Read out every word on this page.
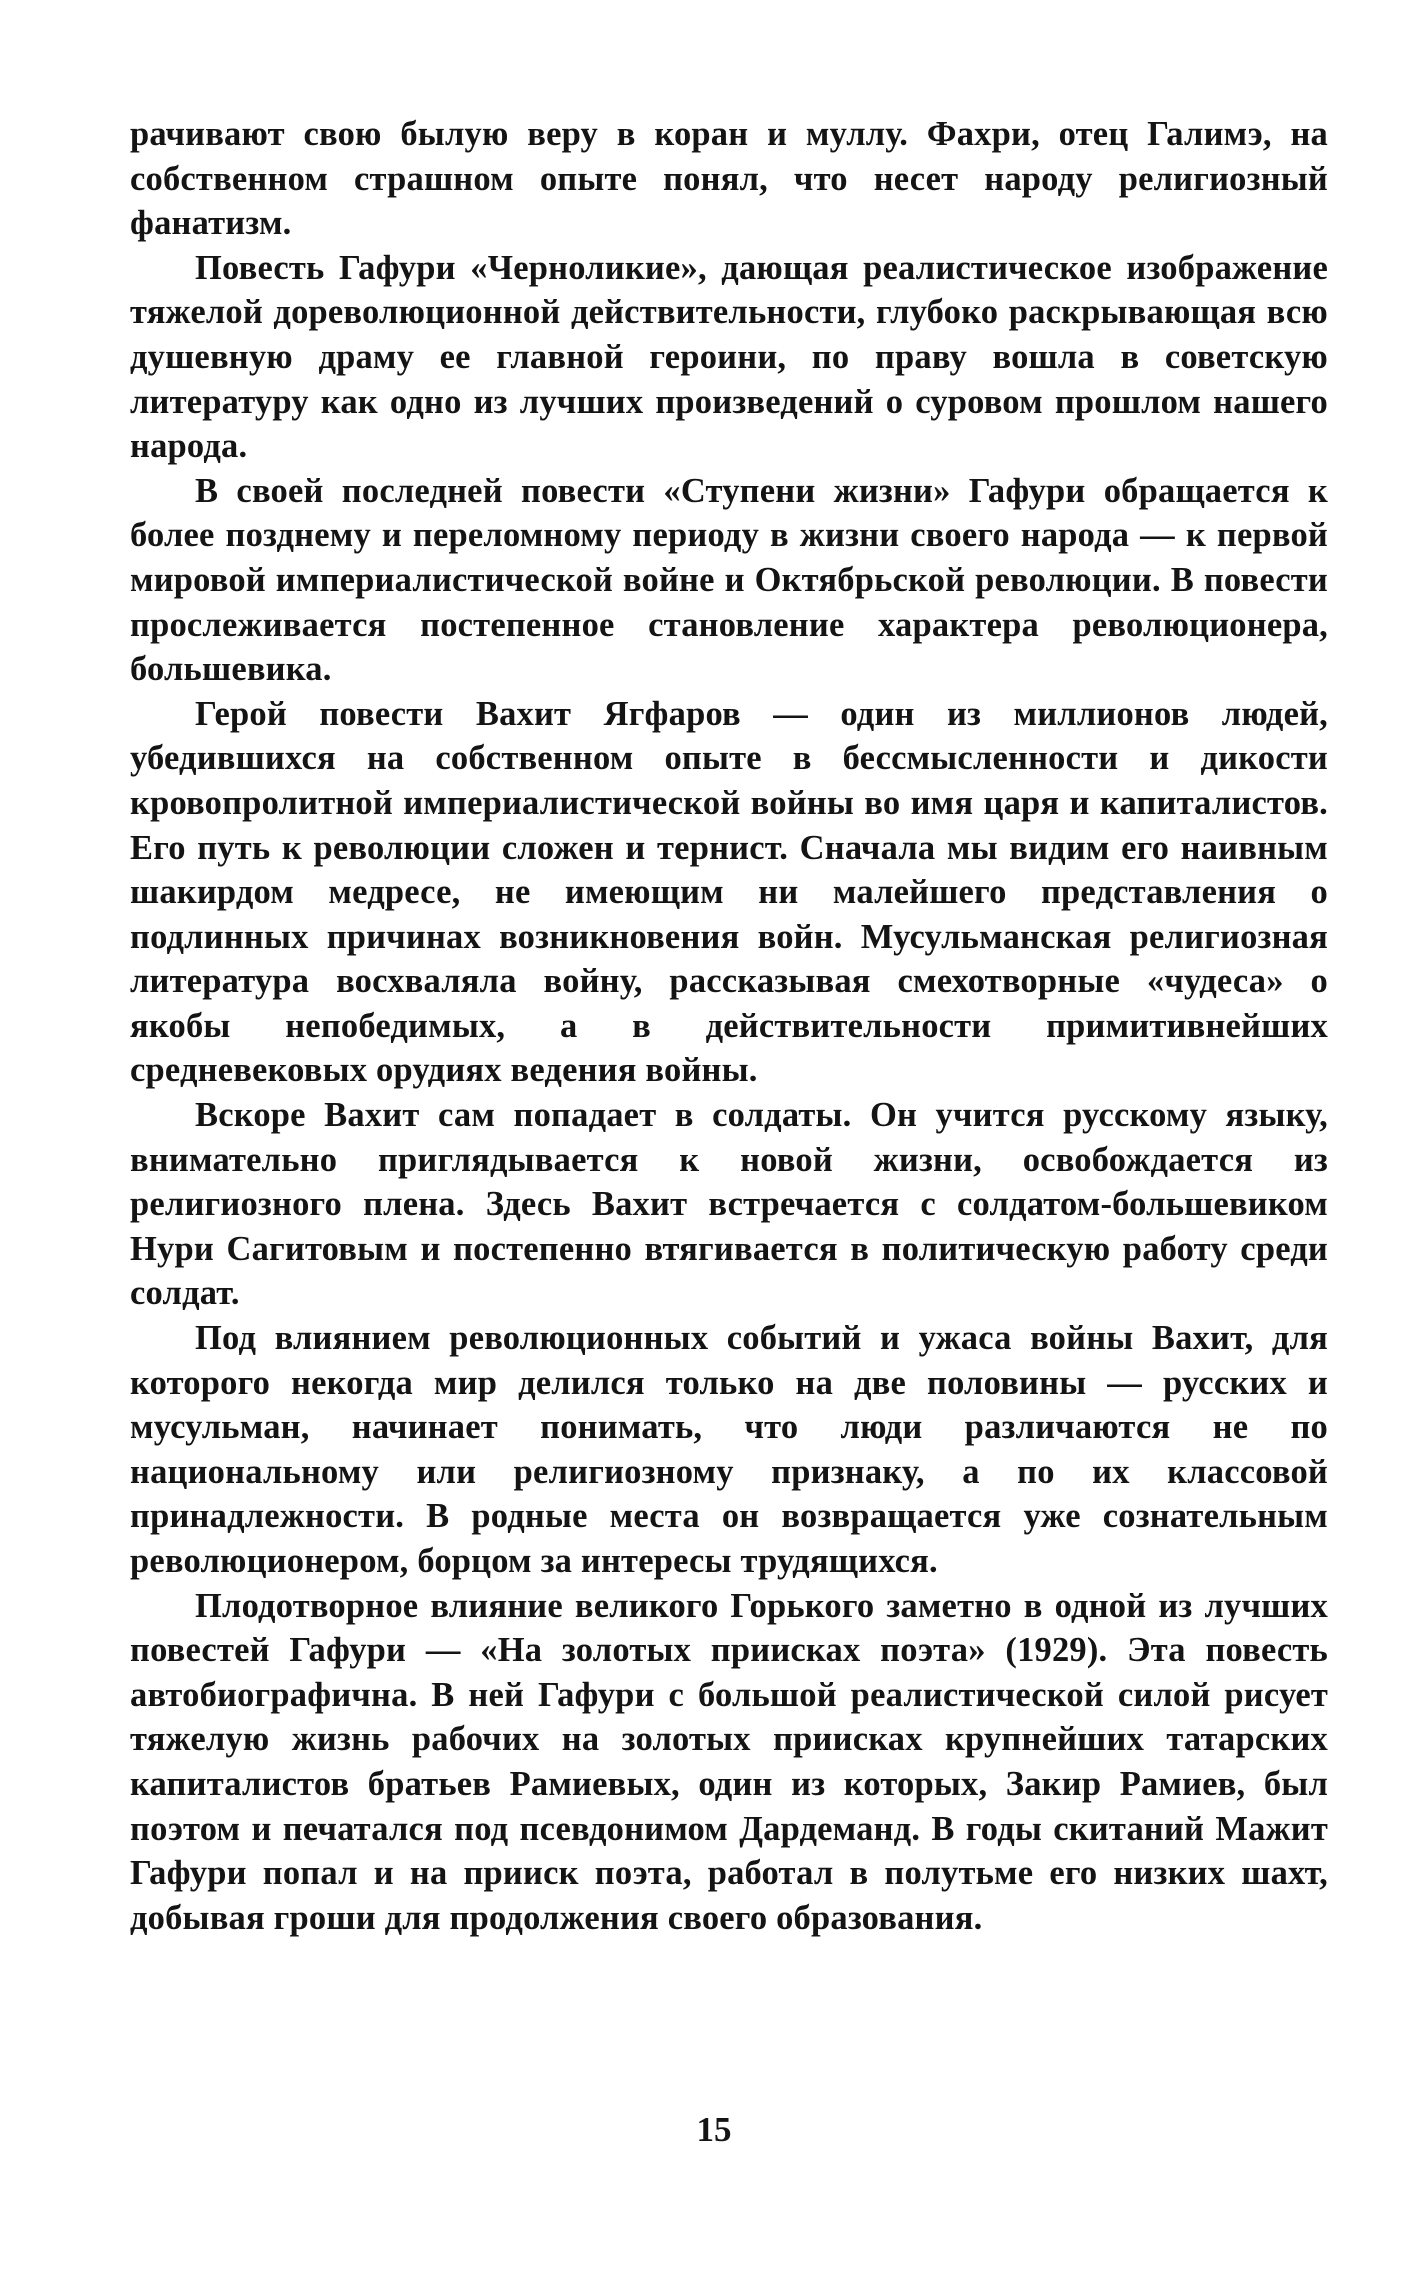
рачивают свою былую веру в коран и муллу. Фахри, отец Галимэ, на собственном страшном опыте понял, что несет народу религиозный фанатизм.

Повесть Гафури «Черноликие», дающая реалистическое изображение тяжелой дореволюционной действительности, глубоко раскрывающая всю душевную драму ее главной героини, по праву вошла в советскую литературу как одно из лучших произведений о суровом прошлом нашего народа.

В своей последней повести «Ступени жизни» Гафури обращается к более позднему и переломному периоду в жизни своего народа — к первой мировой империалистической войне и Октябрьской революции. В повести прослеживается постепенное становление характера революционера, большевика.

Герой повести Вахит Ягфаров — один из миллионов людей, убедившихся на собственном опыте в бессмысленности и дикости кровопролитной империалистической войны во имя царя и капиталистов. Его путь к революции сложен и тернист. Сначала мы видим его наивным шакирдом медресе, не имеющим ни малейшего представления о подлинных причинах возникновения войн. Мусульманская религиозная литература восхваляла войну, рассказывая смехотворные «чудеса» о якобы непобедимых, а в действительности примитивнейших средневековых орудиях ведения войны.

Вскоре Вахит сам попадает в солдаты. Он учится русскому языку, внимательно приглядывается к новой жизни, освобождается из религиозного плена. Здесь Вахит встречается с солдатом-большевиком Нури Сагитовым и постепенно втягивается в политическую работу среди солдат.

Под влиянием революционных событий и ужаса войны Вахит, для которого некогда мир делился только на две половины — русских и мусульман, начинает понимать, что люди различаются не по национальному или религиозному признаку, а по их классовой принадлежности. В родные места он возвращается уже сознательным революционером, борцом за интересы трудящихся.

Плодотворное влияние великого Горького заметно в одной из лучших повестей Гафури — «На золотых приисках поэта» (1929). Эта повесть автобиографична. В ней Гафури с большой реалистической силой рисует тяжелую жизнь рабочих на золотых приисках крупнейших татарских капиталистов братьев Рамиевых, один из которых, Закир Рамиев, был поэтом и печатался под псевдонимом Дардеманд. В годы скитаний Мажит Гафури попал и на прииск поэта, работал в полутьме его низких шахт, добывая гроши для продолжения своего образования.

15
